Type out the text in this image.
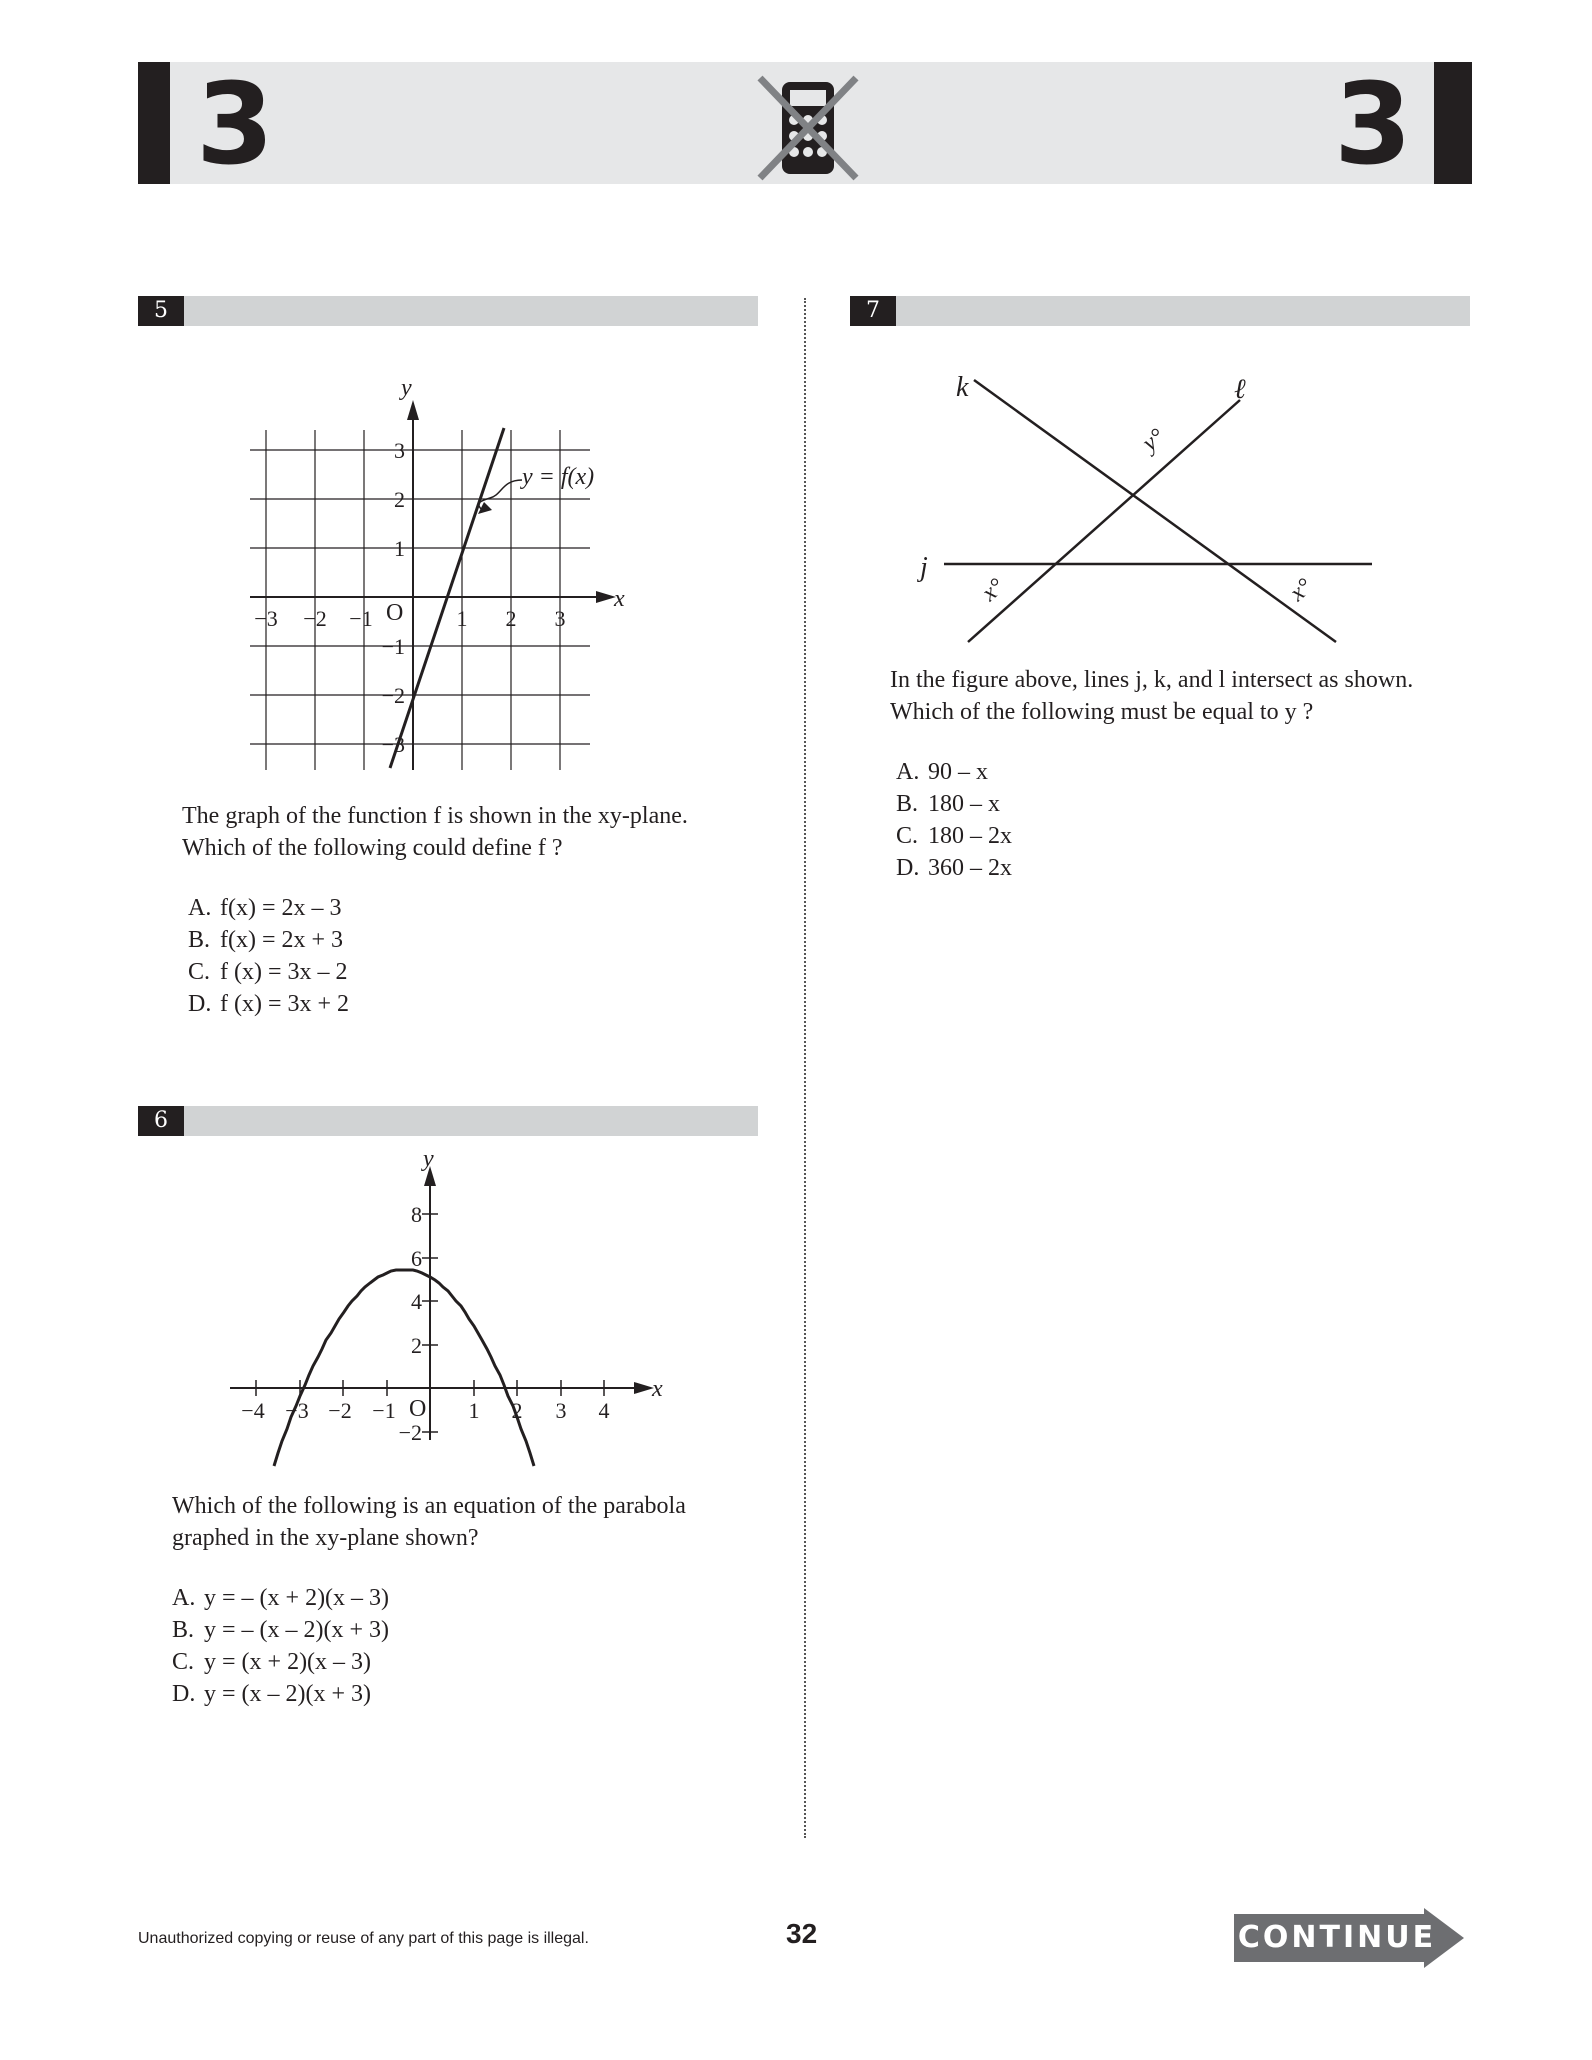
3	3
5
y
x
O
y = f(x)
−3 −2 −1	1 2 3
3
2
1
−1
−2
−3
The graph of the function f is shown in the xy-plane.
Which of the following could define f ?
A. f(x) = 2x – 3
B. f(x) = 2x + 3
C. f (x) = 3x – 2
D. f (x) = 3x + 2
6
y
x
O
−4 −3 −2 −1	1 2 3 4
8
6
4
2
−2
Which of the following is an equation of the parabola
graphed in the xy-plane shown?
A. y = – (x + 2)(x – 3)
B. y = – (x – 2)(x + 3)
C. y = (x + 2)(x – 3)
D. y = (x – 2)(x + 3)
7
j
k	ℓ
y°
x°	x°
In the figure above, lines j, k, and l intersect as shown.
Which of the following must be equal to y ?
A. 90 – x
B. 180 – x
C. 180 – 2x
D. 360 – 2x
Unauthorized copying or reuse of any part of this page is illegal.	32	CONTINUE
